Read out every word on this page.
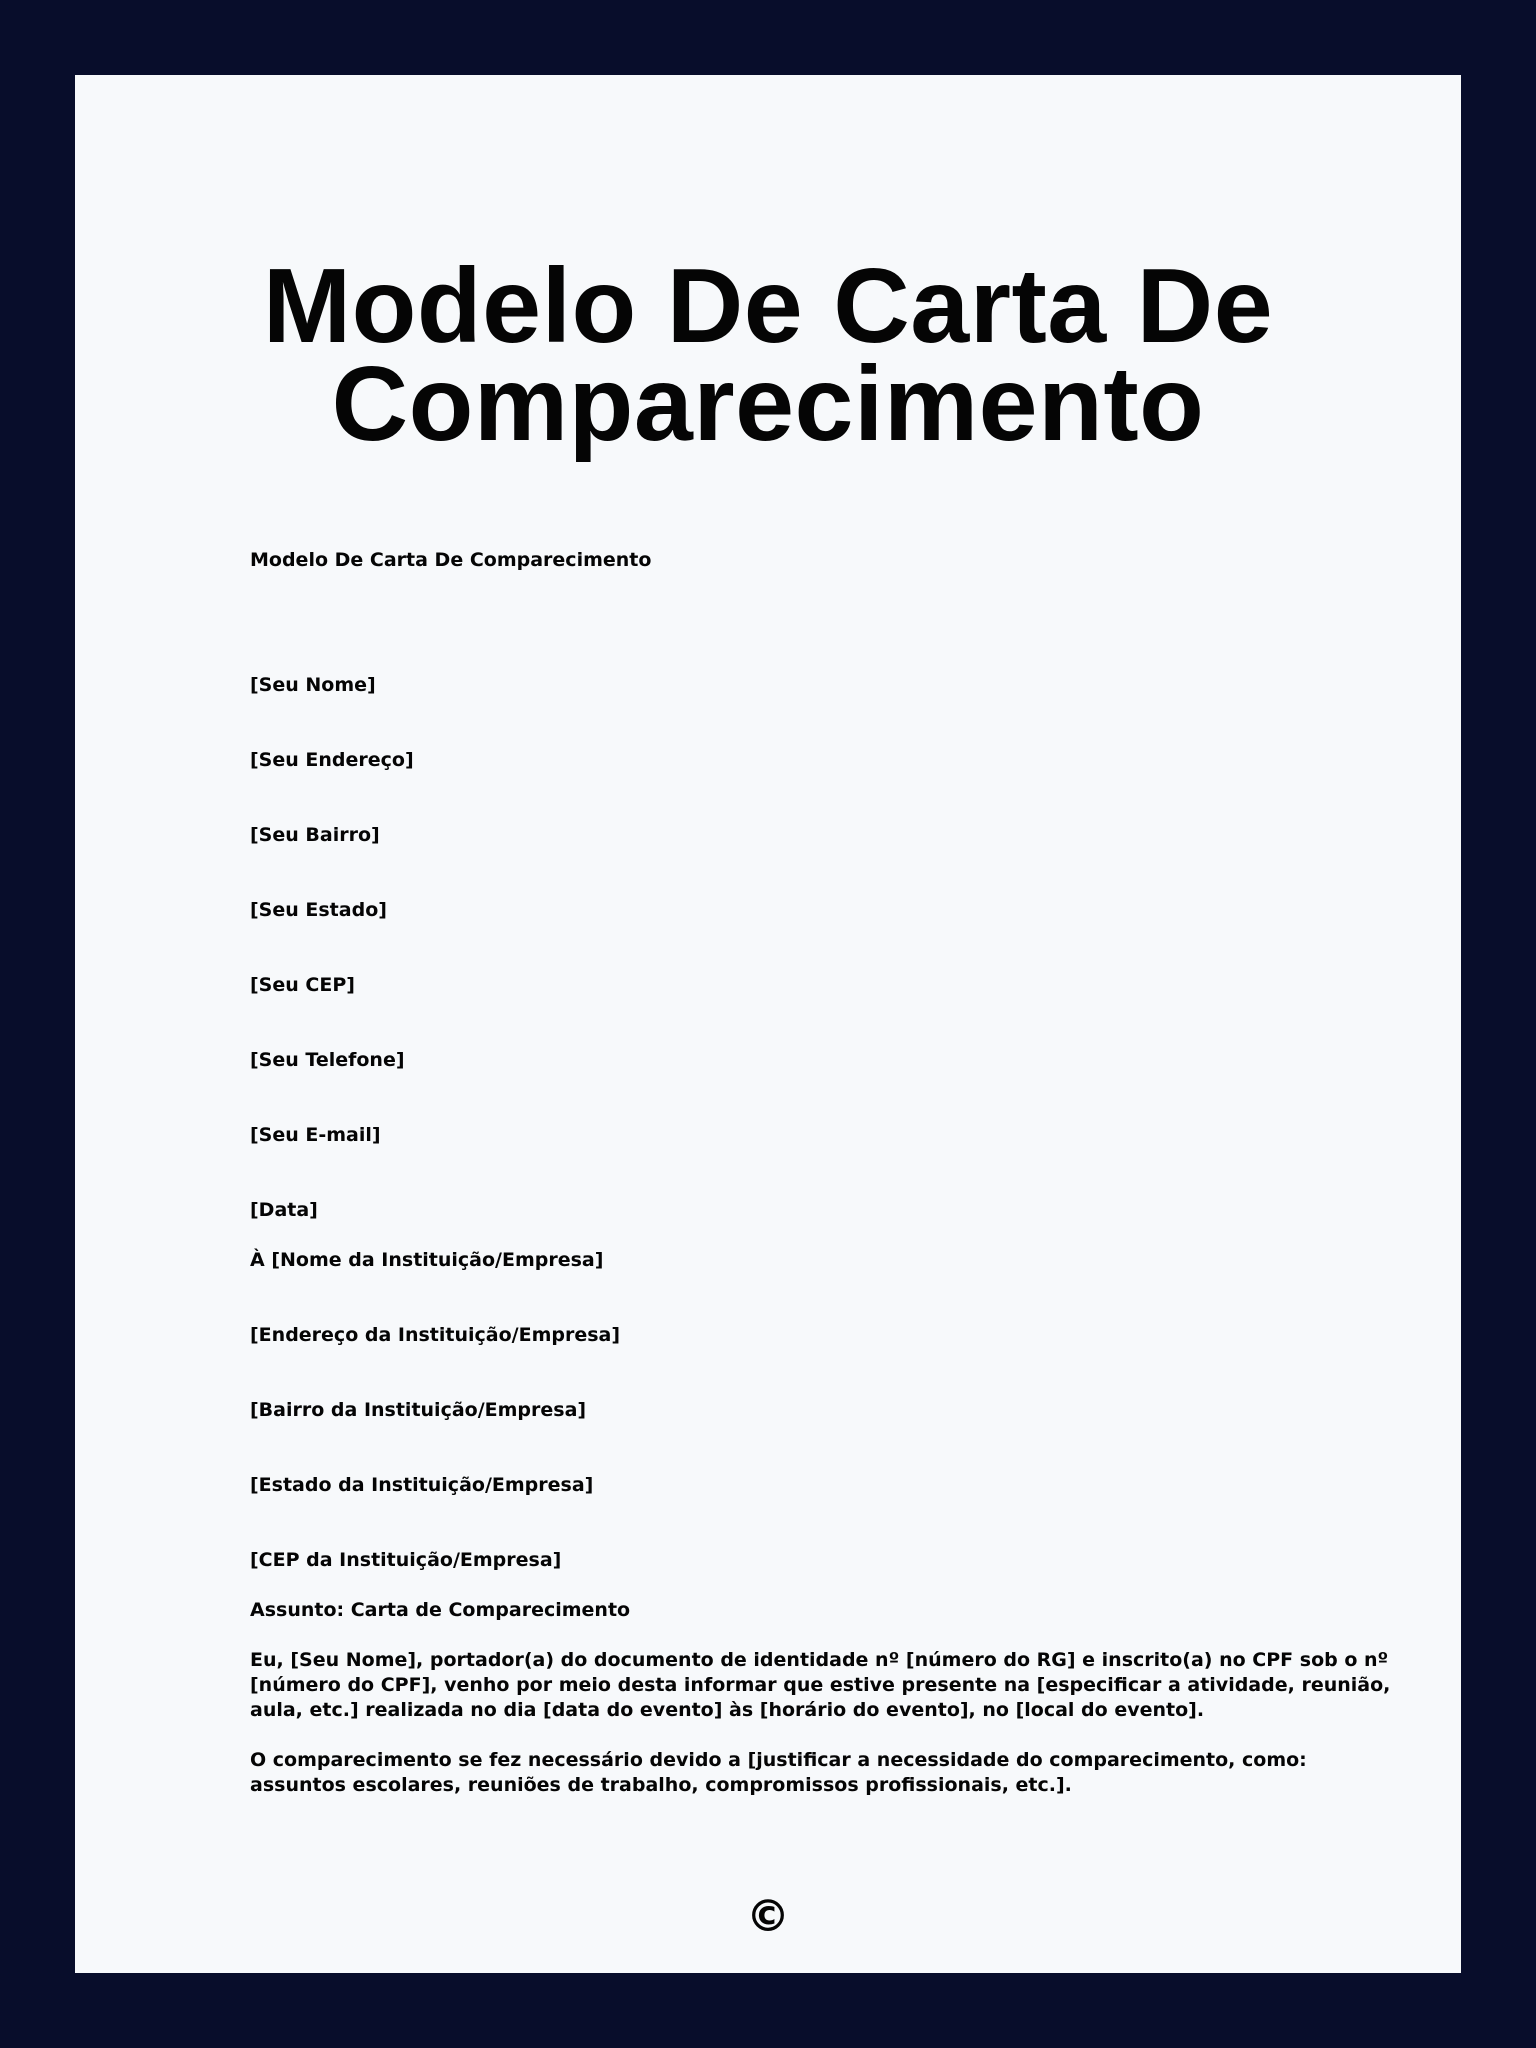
Modelo De Carta De
Comparecimento
Modelo De Carta De Comparecimento
[Seu Nome]
[Seu Endereço]
[Seu Bairro]
[Seu Estado]
[Seu CEP]
[Seu Telefone]
[Seu E-mail]
[Data]
À [Nome da Instituição/Empresa]
[Endereço da Instituição/Empresa]
[Bairro da Instituição/Empresa]
[Estado da Instituição/Empresa]
[CEP da Instituição/Empresa]
Assunto: Carta de Comparecimento

Eu, [Seu Nome], portador(a) do documento de identidade nº [número do RG] e inscrito(a) no CPF sob o nº
[número do CPF], venho por meio desta informar que estive presente na [especificar a atividade, reunião,
aula, etc.] realizada no dia [data do evento] às [horário do evento], no [local do evento].

O comparecimento se fez necessário devido a [justificar a necessidade do comparecimento, como:
assuntos escolares, reuniões de trabalho, compromissos profissionais, etc.].

©
